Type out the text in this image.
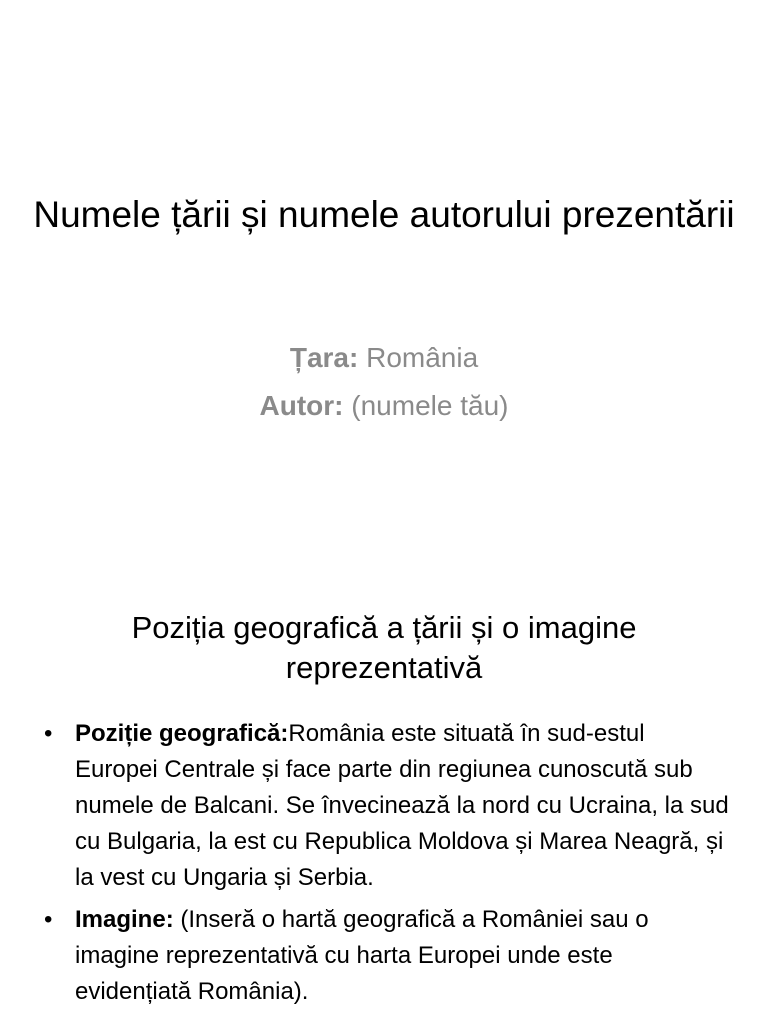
Numele țării și numele autorului prezentării
Țara: România
Autor: (numele tău)
Poziția geografică a țării și o imagine reprezentativă
• Poziție geografică:România este situată în sud-estul Europei Centrale și face parte din regiunea cunoscută sub numele de Balcani. Se învecinează la nord cu Ucraina, la sud cu Bulgaria, la est cu Republica Moldova și Marea Neagră, și la vest cu Ungaria și Serbia.
• Imagine: (Inseră o hartă geografică a României sau o imagine reprezentativă cu harta Europei unde este evidențiată România).
